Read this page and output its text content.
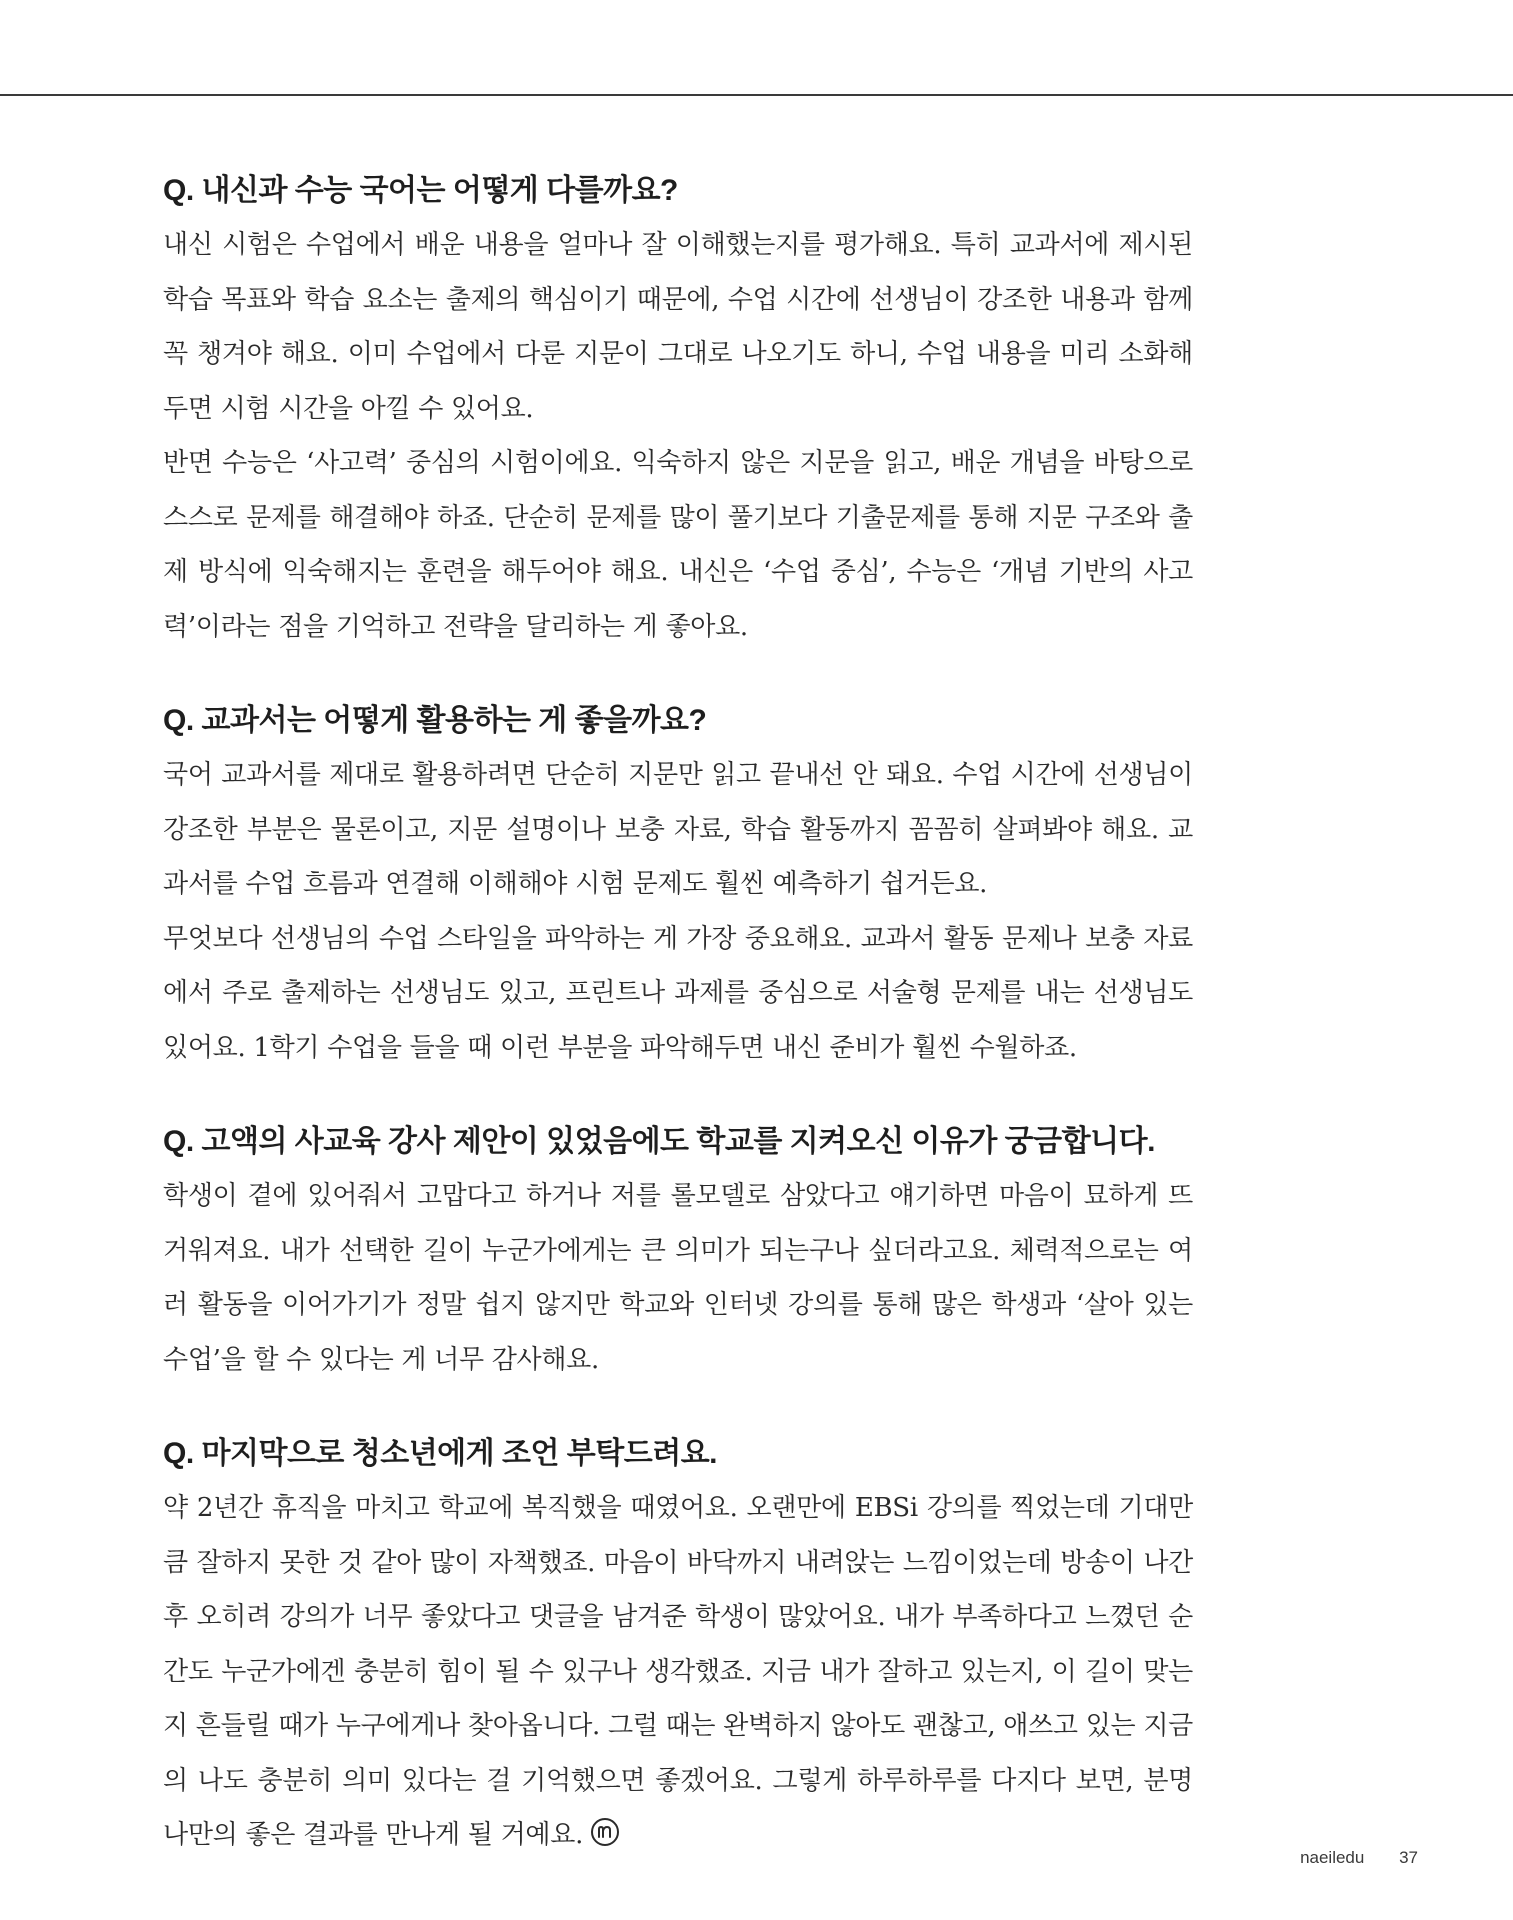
Q. 내신과 수능 국어는 어떻게 다를까요?

내신 시험은 수업에서 배운 내용을 얼마나 잘 이해했는지를 평가해요. 특히 교과서에 제시된 학습 목표와 학습 요소는 출제의 핵심이기 때문에, 수업 시간에 선생님이 강조한 내용과 함께 꼭 챙겨야 해요. 이미 수업에서 다룬 지문이 그대로 나오기도 하니, 수업 내용을 미리 소화해 두면 시험 시간을 아낄 수 있어요.

반면 수능은 ‘사고력’ 중심의 시험이에요. 익숙하지 않은 지문을 읽고, 배운 개념을 바탕으로 스스로 문제를 해결해야 하죠. 단순히 문제를 많이 풀기보다 기출문제를 통해 지문 구조와 출제 방식에 익숙해지는 훈련을 해두어야 해요. 내신은 ‘수업 중심’, 수능은 ‘개념 기반의 사고력’이라는 점을 기억하고 전략을 달리하는 게 좋아요.

Q. 교과서는 어떻게 활용하는 게 좋을까요?

국어 교과서를 제대로 활용하려면 단순히 지문만 읽고 끝내선 안 돼요. 수업 시간에 선생님이 강조한 부분은 물론이고, 지문 설명이나 보충 자료, 학습 활동까지 꼼꼼히 살펴봐야 해요. 교과서를 수업 흐름과 연결해 이해해야 시험 문제도 훨씬 예측하기 쉽거든요.

무엇보다 선생님의 수업 스타일을 파악하는 게 가장 중요해요. 교과서 활동 문제나 보충 자료에서 주로 출제하는 선생님도 있고, 프린트나 과제를 중심으로 서술형 문제를 내는 선생님도 있어요. 1학기 수업을 들을 때 이런 부분을 파악해두면 내신 준비가 훨씬 수월하죠.

Q. 고액의 사교육 강사 제안이 있었음에도 학교를 지켜오신 이유가 궁금합니다.

학생이 곁에 있어줘서 고맙다고 하거나 저를 롤모델로 삼았다고 얘기하면 마음이 묘하게 뜨거워져요. 내가 선택한 길이 누군가에게는 큰 의미가 되는구나 싶더라고요. 체력적으로는 여러 활동을 이어가기가 정말 쉽지 않지만 학교와 인터넷 강의를 통해 많은 학생과 ‘살아 있는 수업’을 할 수 있다는 게 너무 감사해요.

Q. 마지막으로 청소년에게 조언 부탁드려요.

약 2년간 휴직을 마치고 학교에 복직했을 때였어요. 오랜만에 EBSi 강의를 찍었는데 기대만큼 잘하지 못한 것 같아 많이 자책했죠. 마음이 바닥까지 내려앉는 느낌이었는데 방송이 나간 후 오히려 강의가 너무 좋았다고 댓글을 남겨준 학생이 많았어요. 내가 부족하다고 느꼈던 순간도 누군가에겐 충분히 힘이 될 수 있구나 생각했죠. 지금 내가 잘하고 있는지, 이 길이 맞는지 흔들릴 때가 누구에게나 찾아옵니다. 그럴 때는 완벽하지 않아도 괜찮고, 애쓰고 있는 지금의 나도 충분히 의미 있다는 걸 기억했으면 좋겠어요. 그렇게 하루하루를 다지다 보면, 분명 나만의 좋은 결과를 만나게 될 거예요.

naeiledu 37
